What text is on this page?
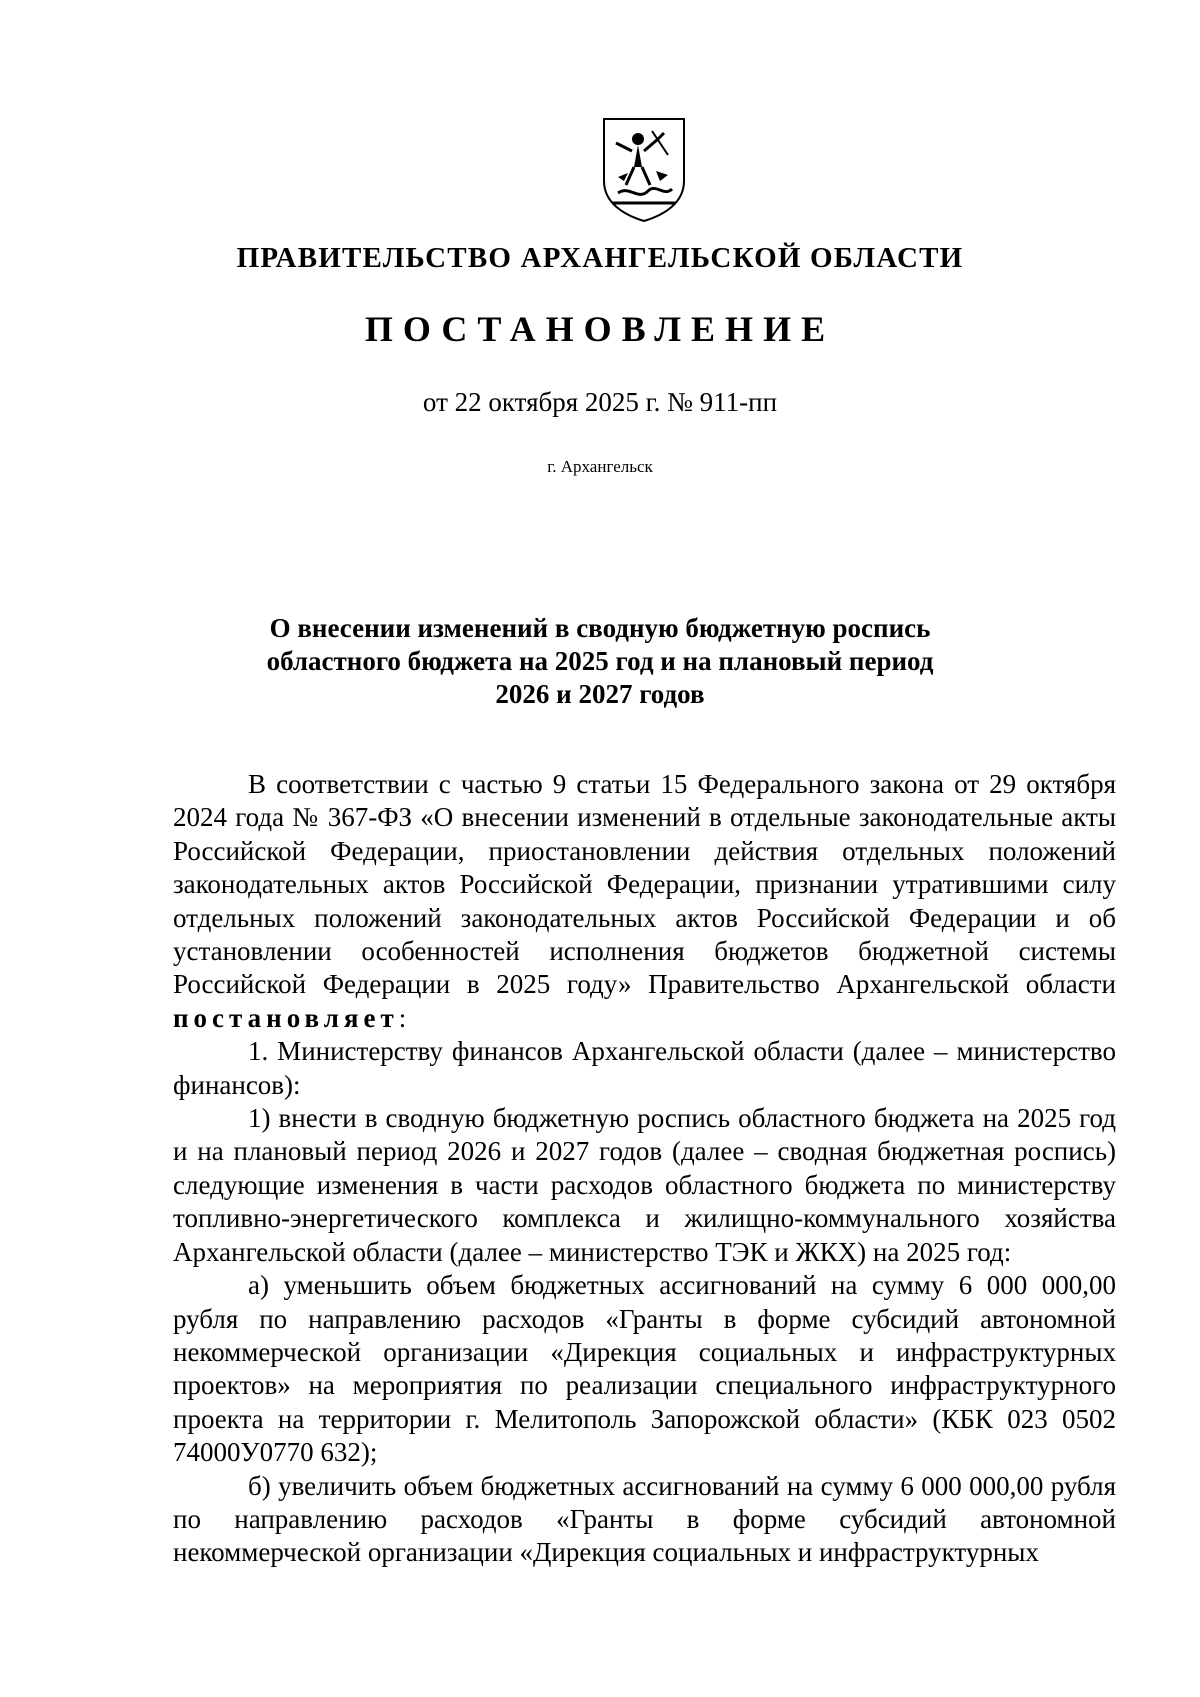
ПРАВИТЕЛЬСТВО АРХАНГЕЛЬСКОЙ ОБЛАСТИ
ПОСТАНОВЛЕНИЕ
от 22 октября 2025 г. № 911-пп
г. Архангельск
О внесении изменений в сводную бюджетную роспись
областного бюджета на 2025 год и на плановый период
2026 и 2027 годов

В соответствии с частью 9 статьи 15 Федерального закона от 29 октября 2024 года № 367-ФЗ «О внесении изменений в отдельные законодательные акты Российской Федерации, приостановлении действия отдельных положений законодательных актов Российской Федерации, признании утратившими силу отдельных положений законодательных актов Российской Федерации и об установлении особенностей исполнения бюджетов бюджетной системы Российской Федерации в 2025 году» Правительство Архангельской области постановляет:

1. Министерству финансов Архангельской области (далее – министерство финансов):

1) внести в сводную бюджетную роспись областного бюджета на 2025 год и на плановый период 2026 и 2027 годов (далее – сводная бюджетная роспись) следующие изменения в части расходов областного бюджета по министерству топливно-энергетического комплекса и жилищно-коммунального хозяйства Архангельской области (далее – министерство ТЭК и ЖКХ) на 2025 год:

а) уменьшить объем бюджетных ассигнований на сумму 6 000 000,00 рубля по направлению расходов «Гранты в форме субсидий автономной некоммерческой организации «Дирекция социальных и инфраструктурных проектов» на мероприятия по реализации специального инфраструктурного проекта на территории г. Мелитополь Запорожской области» (КБК 023 0502 74000У0770 632);

б) увеличить объем бюджетных ассигнований на сумму 6 000 000,00 рубля по направлению расходов «Гранты в форме субсидий автономной некоммерческой организации «Дирекция социальных и инфраструктурных
